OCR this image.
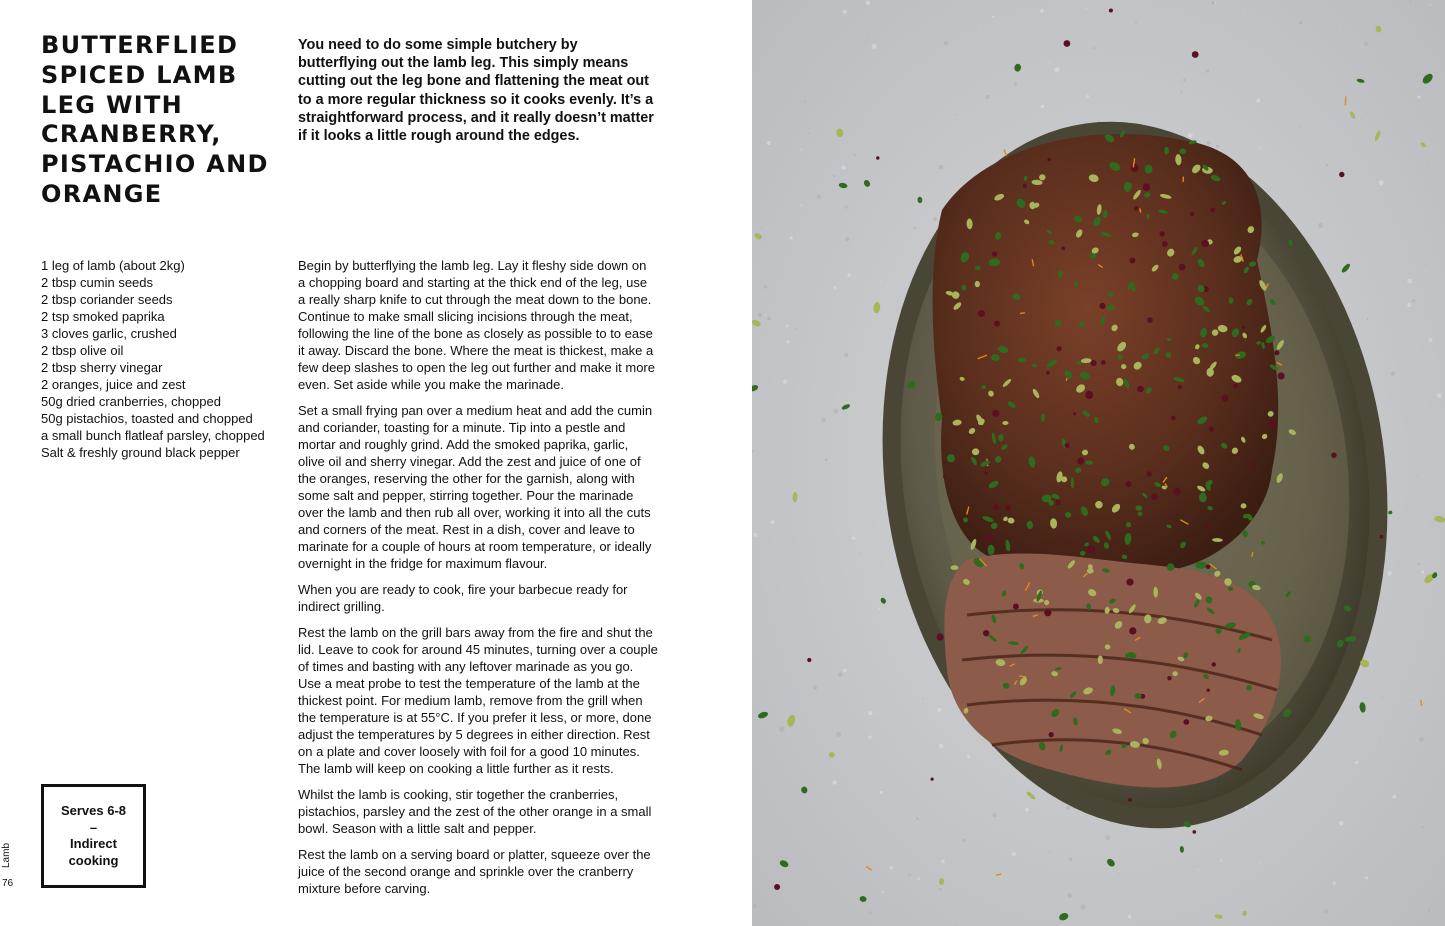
BUTTERFLIED
SPICED LAMB
LEG WITH
CRANBERRY,
PISTACHIO AND
ORANGE
You need to do some simple butchery by
butterflying out the lamb leg. This simply means
cutting out the leg bone and flattening the meat out
to a more regular thickness so it cooks evenly. It’s a
straightforward process, and it really doesn’t matter
if it looks a little rough around the edges.
1 leg of lamb (about 2kg)
2 tbsp cumin seeds
2 tbsp coriander seeds
2 tsp smoked paprika
3 cloves garlic, crushed
2 tbsp olive oil
2 tbsp sherry vinegar
2 oranges, juice and zest
50g dried cranberries, chopped
50g pistachios, toasted and chopped
a small bunch flatleaf parsley, chopped
Salt & freshly ground black pepper

Begin by butterflying the lamb leg. Lay it fleshy side down on
a chopping board and starting at the thick end of the leg, use
a really sharp knife to cut through the meat down to the bone.
Continue to make small slicing incisions through the meat,
following the line of the bone as closely as possible to to ease
it away. Discard the bone. Where the meat is thickest, make a
few deep slashes to open the leg out further and make it more
even. Set aside while you make the marinade.

Set a small frying pan over a medium heat and add the cumin
and coriander, toasting for a minute. Tip into a pestle and
mortar and roughly grind. Add the smoked paprika, garlic,
olive oil and sherry vinegar. Add the zest and juice of one of
the oranges, reserving the other for the garnish, along with
some salt and pepper, stirring together. Pour the marinade
over the lamb and then rub all over, working it into all the cuts
and corners of the meat. Rest in a dish, cover and leave to
marinate for a couple of hours at room temperature, or ideally
overnight in the fridge for maximum flavour.

When you are ready to cook, fire your barbecue ready for
indirect grilling.

Rest the lamb on the grill bars away from the fire and shut the
lid. Leave to cook for around 45 minutes, turning over a couple
of times and basting with any leftover marinade as you go.
Use a meat probe to test the temperature of the lamb at the
thickest point. For medium lamb, remove from the grill when
the temperature is at 55°C. If you prefer it less, or more, done
adjust the temperatures by 5 degrees in either direction. Rest
on a plate and cover loosely with foil for a good 10 minutes.
The lamb will keep on cooking a little further as it rests.

Whilst the lamb is cooking, stir together the cranberries,
pistachios, parsley and the zest of the other orange in a small
bowl. Season with a little salt and pepper.

Rest the lamb on a serving board or platter, squeeze over the
juice of the second orange and sprinkle over the cranberry
mixture before carving.

Serves 6-8
–
Indirect
cooking
Lamb
76
